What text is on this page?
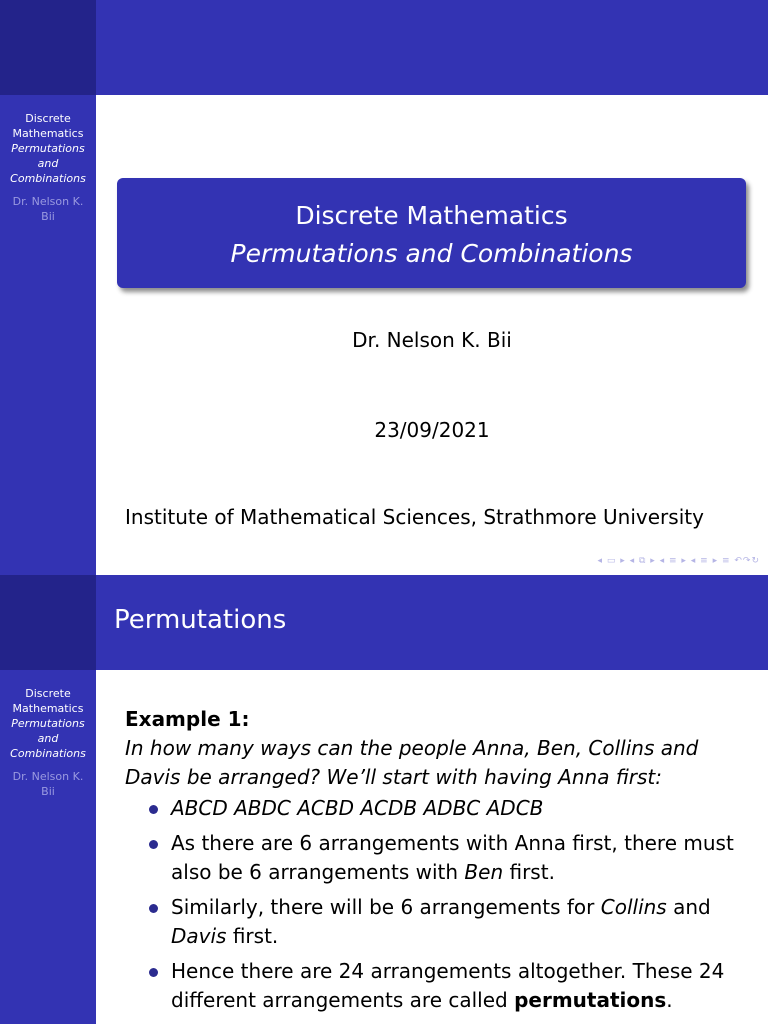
Discrete
Mathematics
Permutations
and
Combinations
Dr. Nelson K.
Bii	Discrete Mathematics
Permutations and Combinations
Dr. Nelson K. Bii
23/09/2021
Institute of Mathematical Sciences, Strathmore University
◂ ▭ ▸ ◂ ⧉ ▸ ◂ ≡ ▸ ◂ ≡ ▸ ≡ ↶↷↻
Permutations
Discrete
Mathematics
Permutations
and
Combinations
Dr. Nelson K.
Bii
Example 1:
In how many ways can the people Anna, Ben, Collins and Davis be arranged? We’ll start with having Anna first:
ABCD ABDC ACBD ACDB ADBC ADCB
As there are 6 arrangements with Anna first, there must also be 6 arrangements with Ben first.
Similarly, there will be 6 arrangements for Collins and Davis first.
Hence there are 24 arrangements altogether. These 24 different arrangements are called permutations.
